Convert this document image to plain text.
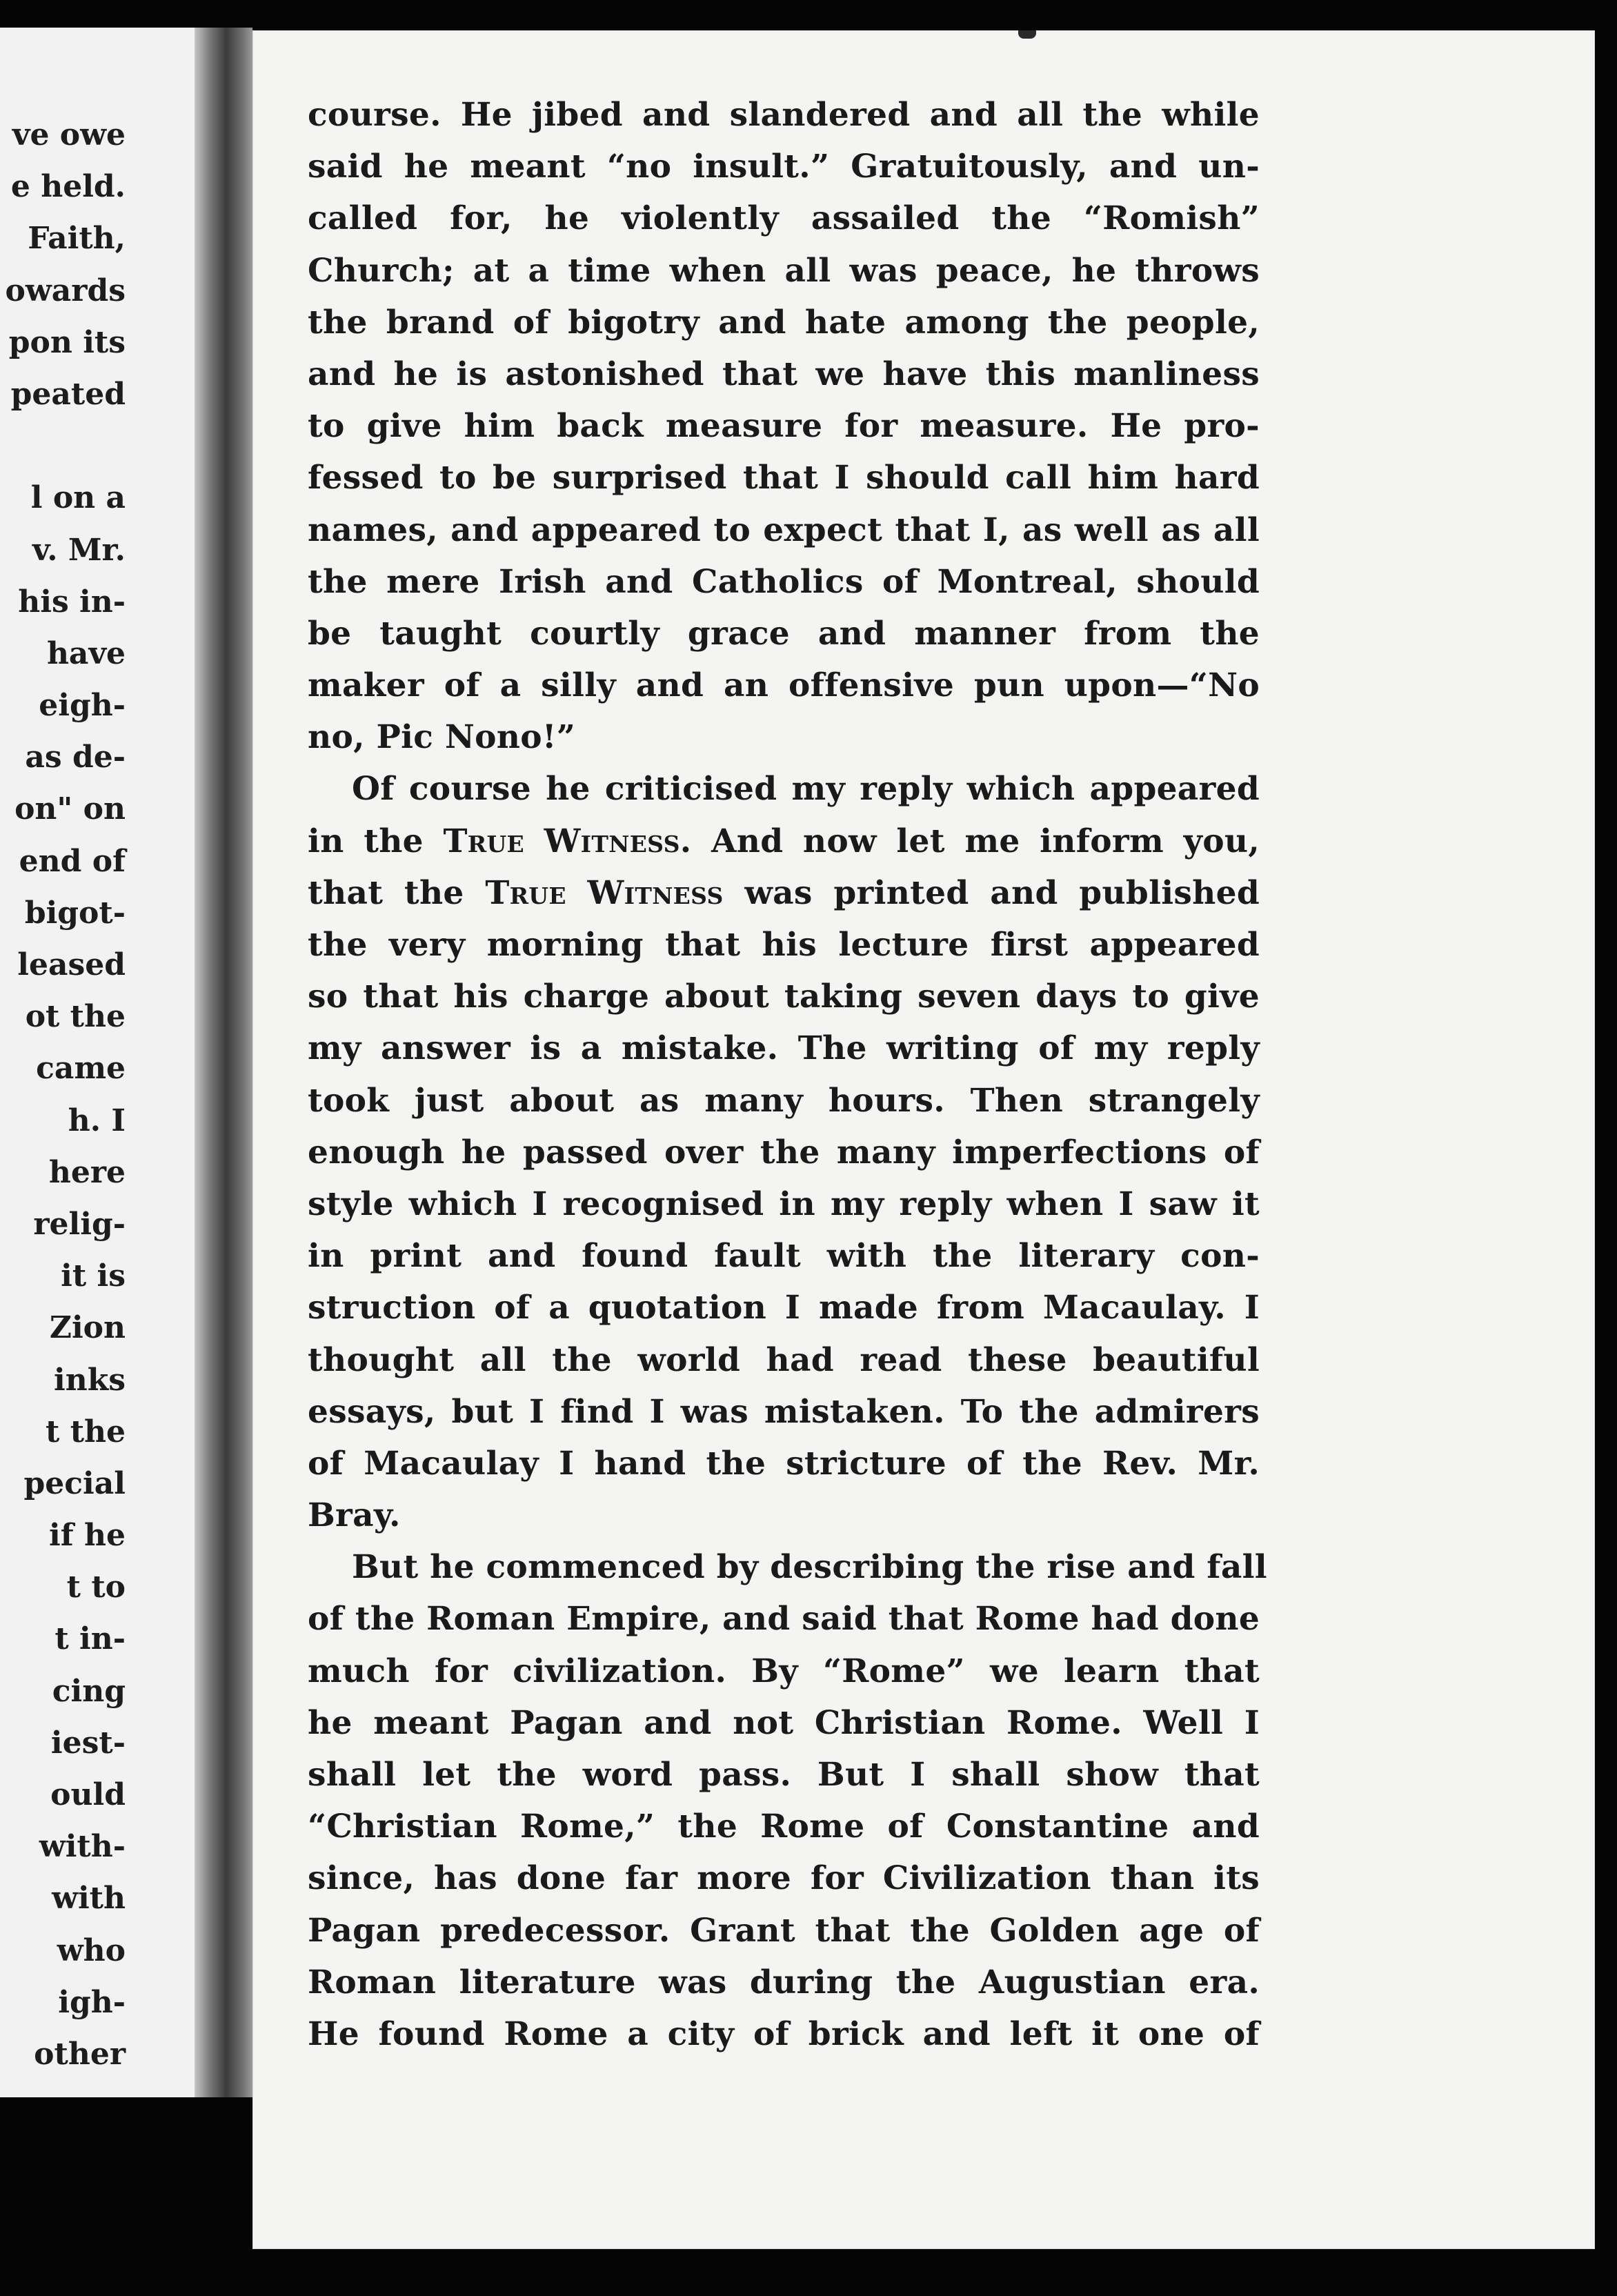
ve owe
e held.
Faith,
owards
pon its
peated
l on a
v. Mr.
his in-
have
eigh-
as de-
on" on
end of
bigot-
leased
ot the
came
h. I
here
relig-
it is
Zion
inks
t the
pecial
if he
t to
t in-
cing
iest-
ould
with-
with
who
igh-
other
course. He jibed and slandered and all the while
said he meant “no insult.” Gratuitously, and un-
called for, he violently assailed the “Romish”
Church; at a time when all was peace, he throws
the brand of bigotry and hate among the people,
and he is astonished that we have this manliness
to give him back measure for measure. He pro-
fessed to be surprised that I should call him hard
names, and appeared to expect that I, as well as all
the mere Irish and Catholics of Montreal, should
be taught courtly grace and manner from the
maker of a silly and an offensive pun upon—“No
no, Pic Nono!”
Of course he criticised my reply which appeared
in the True Witness. And now let me inform you,
that the True Witness was printed and published
the very morning that his lecture first appeared
so that his charge about taking seven days to give
my answer is a mistake. The writing of my reply
took just about as many hours. Then strangely
enough he passed over the many imperfections of
style which I recognised in my reply when I saw it
in print and found fault with the literary con-
struction of a quotation I made from Macaulay. I
thought all the world had read these beautiful
essays, but I find I was mistaken. To the admirers
of Macaulay I hand the stricture of the Rev. Mr.
Bray.
But he commenced by describing the rise and fall
of the Roman Empire, and said that Rome had done
much for civilization. By “Rome” we learn that
he meant Pagan and not Christian Rome. Well I
shall let the word pass. But I shall show that
“Christian Rome,” the Rome of Constantine and
since, has done far more for Civilization than its
Pagan predecessor. Grant that the Golden age of
Roman literature was during the Augustian era.
He found Rome a city of brick and left it one of
